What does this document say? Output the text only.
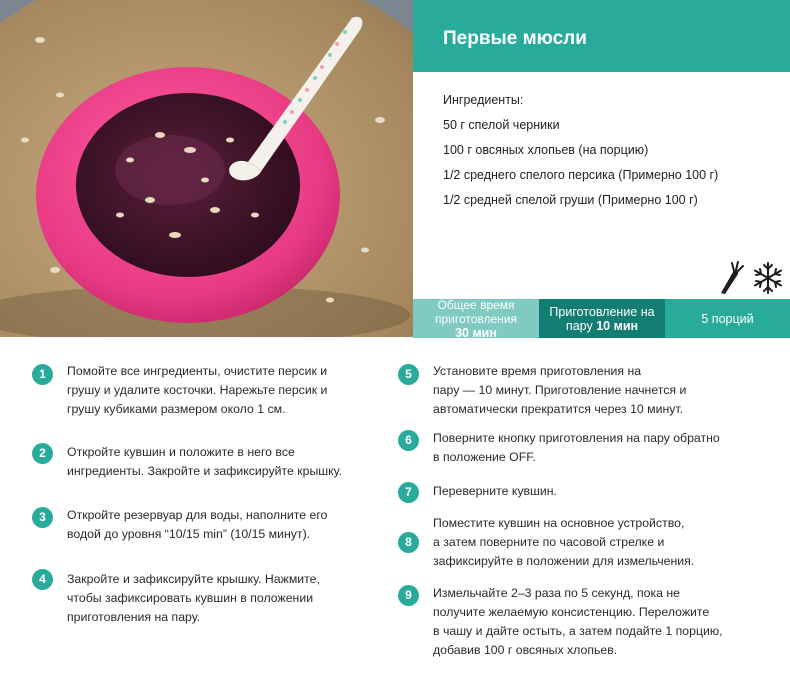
Первые мюсли
Ингредиенты:
50 г спелой черники
100 г овсяных хлопьев (на порцию)
1/2 среднего спелого персика (Примерно 100 г)
1/2 средней спелой груши (Примерно 100 г)
Общее время
приготовления
30 мин
Приготовление на
пару 10 мин	5 порций
1	Помойте все ингредиенты, очистите персик и
грушу и удалите косточки. Нарежьте персик и
грушу кубиками размером около 1 см.
2	Откройте кувшин и положите в него все
ингредиенты. Закройте и зафиксируйте крышку.
3	Откройте резервуар для воды, наполните его
водой до уровня “10/15 min” (10/15 минут).
4	Закройте и зафиксируйте крышку. Нажмите,
чтобы зафиксировать кувшин в положении
приготовления на пару.
5	Установите время приготовления на
пару — 10 минут. Приготовление начнется и
автоматически прекратится через 10 минут.
6	Поверните кнопку приготовления на пару обратно
в положение OFF.
7	Переверните кувшин.
8
Поместите кувшин на основное устройство,
а затем поверните по часовой стрелке и
зафиксируйте в положении для измельчения.
9	Измельчайте 2–3 раза по 5 секунд, пока не
получите желаемую консистенцию. Переложите
в чашу и дайте остыть, а затем подайте 1 порцию,
добавив 100 г овсяных хлопьев.
